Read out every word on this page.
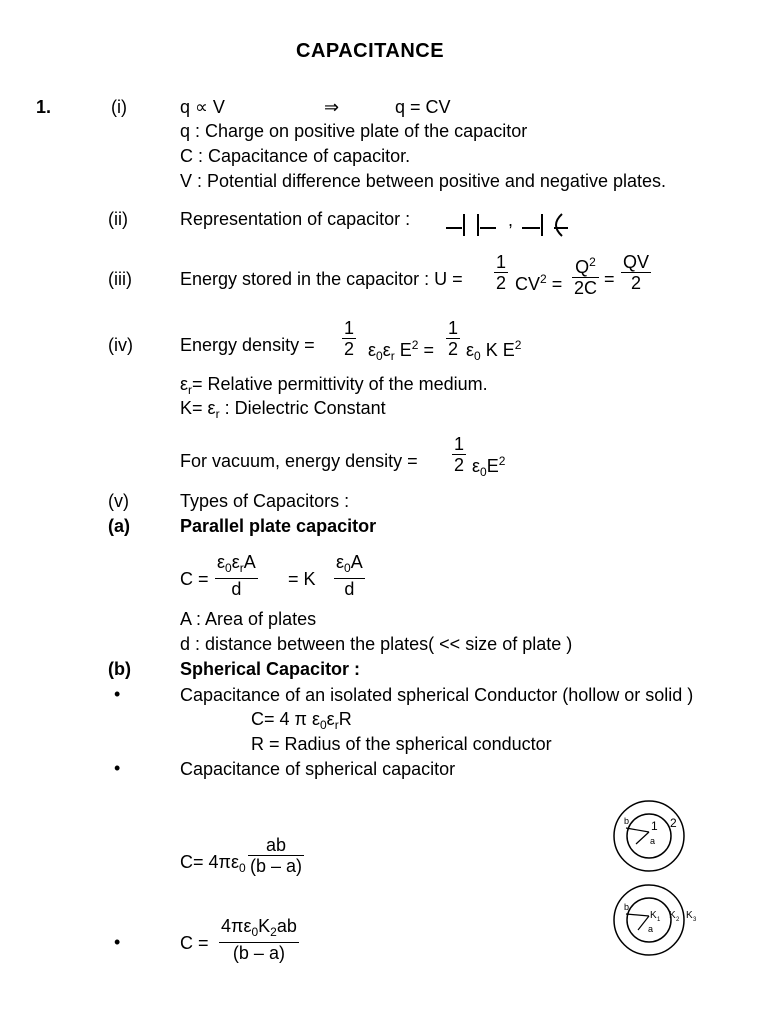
CAPACITANCE
1.	(i)	q ∝ V	⇒	q = CV
q : Charge on positive plate of the capacitor
C : Capacitance of capacitor.
V : Potential difference between positive and negative plates.
(ii)	Representation of capacitor :	,
(iii)	Energy stored in the capacitor : U =
1
2 $CV^2$ =
$Q^2$
2C =
QV
2
(iv)	Energy density =
1
2 $\varepsilon_0\varepsilon_r$ $E^2$ =
1
2 $\varepsilon_0$ K $E^2$
$\varepsilon_r=$ Relative permittivity of the medium.
$K= \varepsilon_r$ : Dielectric Constant
For vacuum, energy density =
1
2 $\varepsilon_0E^2$
(v)	Types of Capacitors :
(a)	Parallel plate capacitor
C =
$\varepsilon_0\varepsilon_rA$
d	= K
$\varepsilon_0A$
d
A : Area of plates
d : distance between the plates( << size of plate )
(b)	Spherical Capacitor :
•	Capacitance of an isolated spherical Conductor (hollow or solid )
C= 4 π $\varepsilon_0\varepsilon_rR$
R = Radius of the spherical conductor
•	Capacitance of spherical capacitor
$C= 4\pi\varepsilon_0$
ab
(b – a)
•	C =
$4\pi\varepsilon_0K_2ab$
(b – a)
b
a
1 2
b
a
K 1 K 2 K 3
